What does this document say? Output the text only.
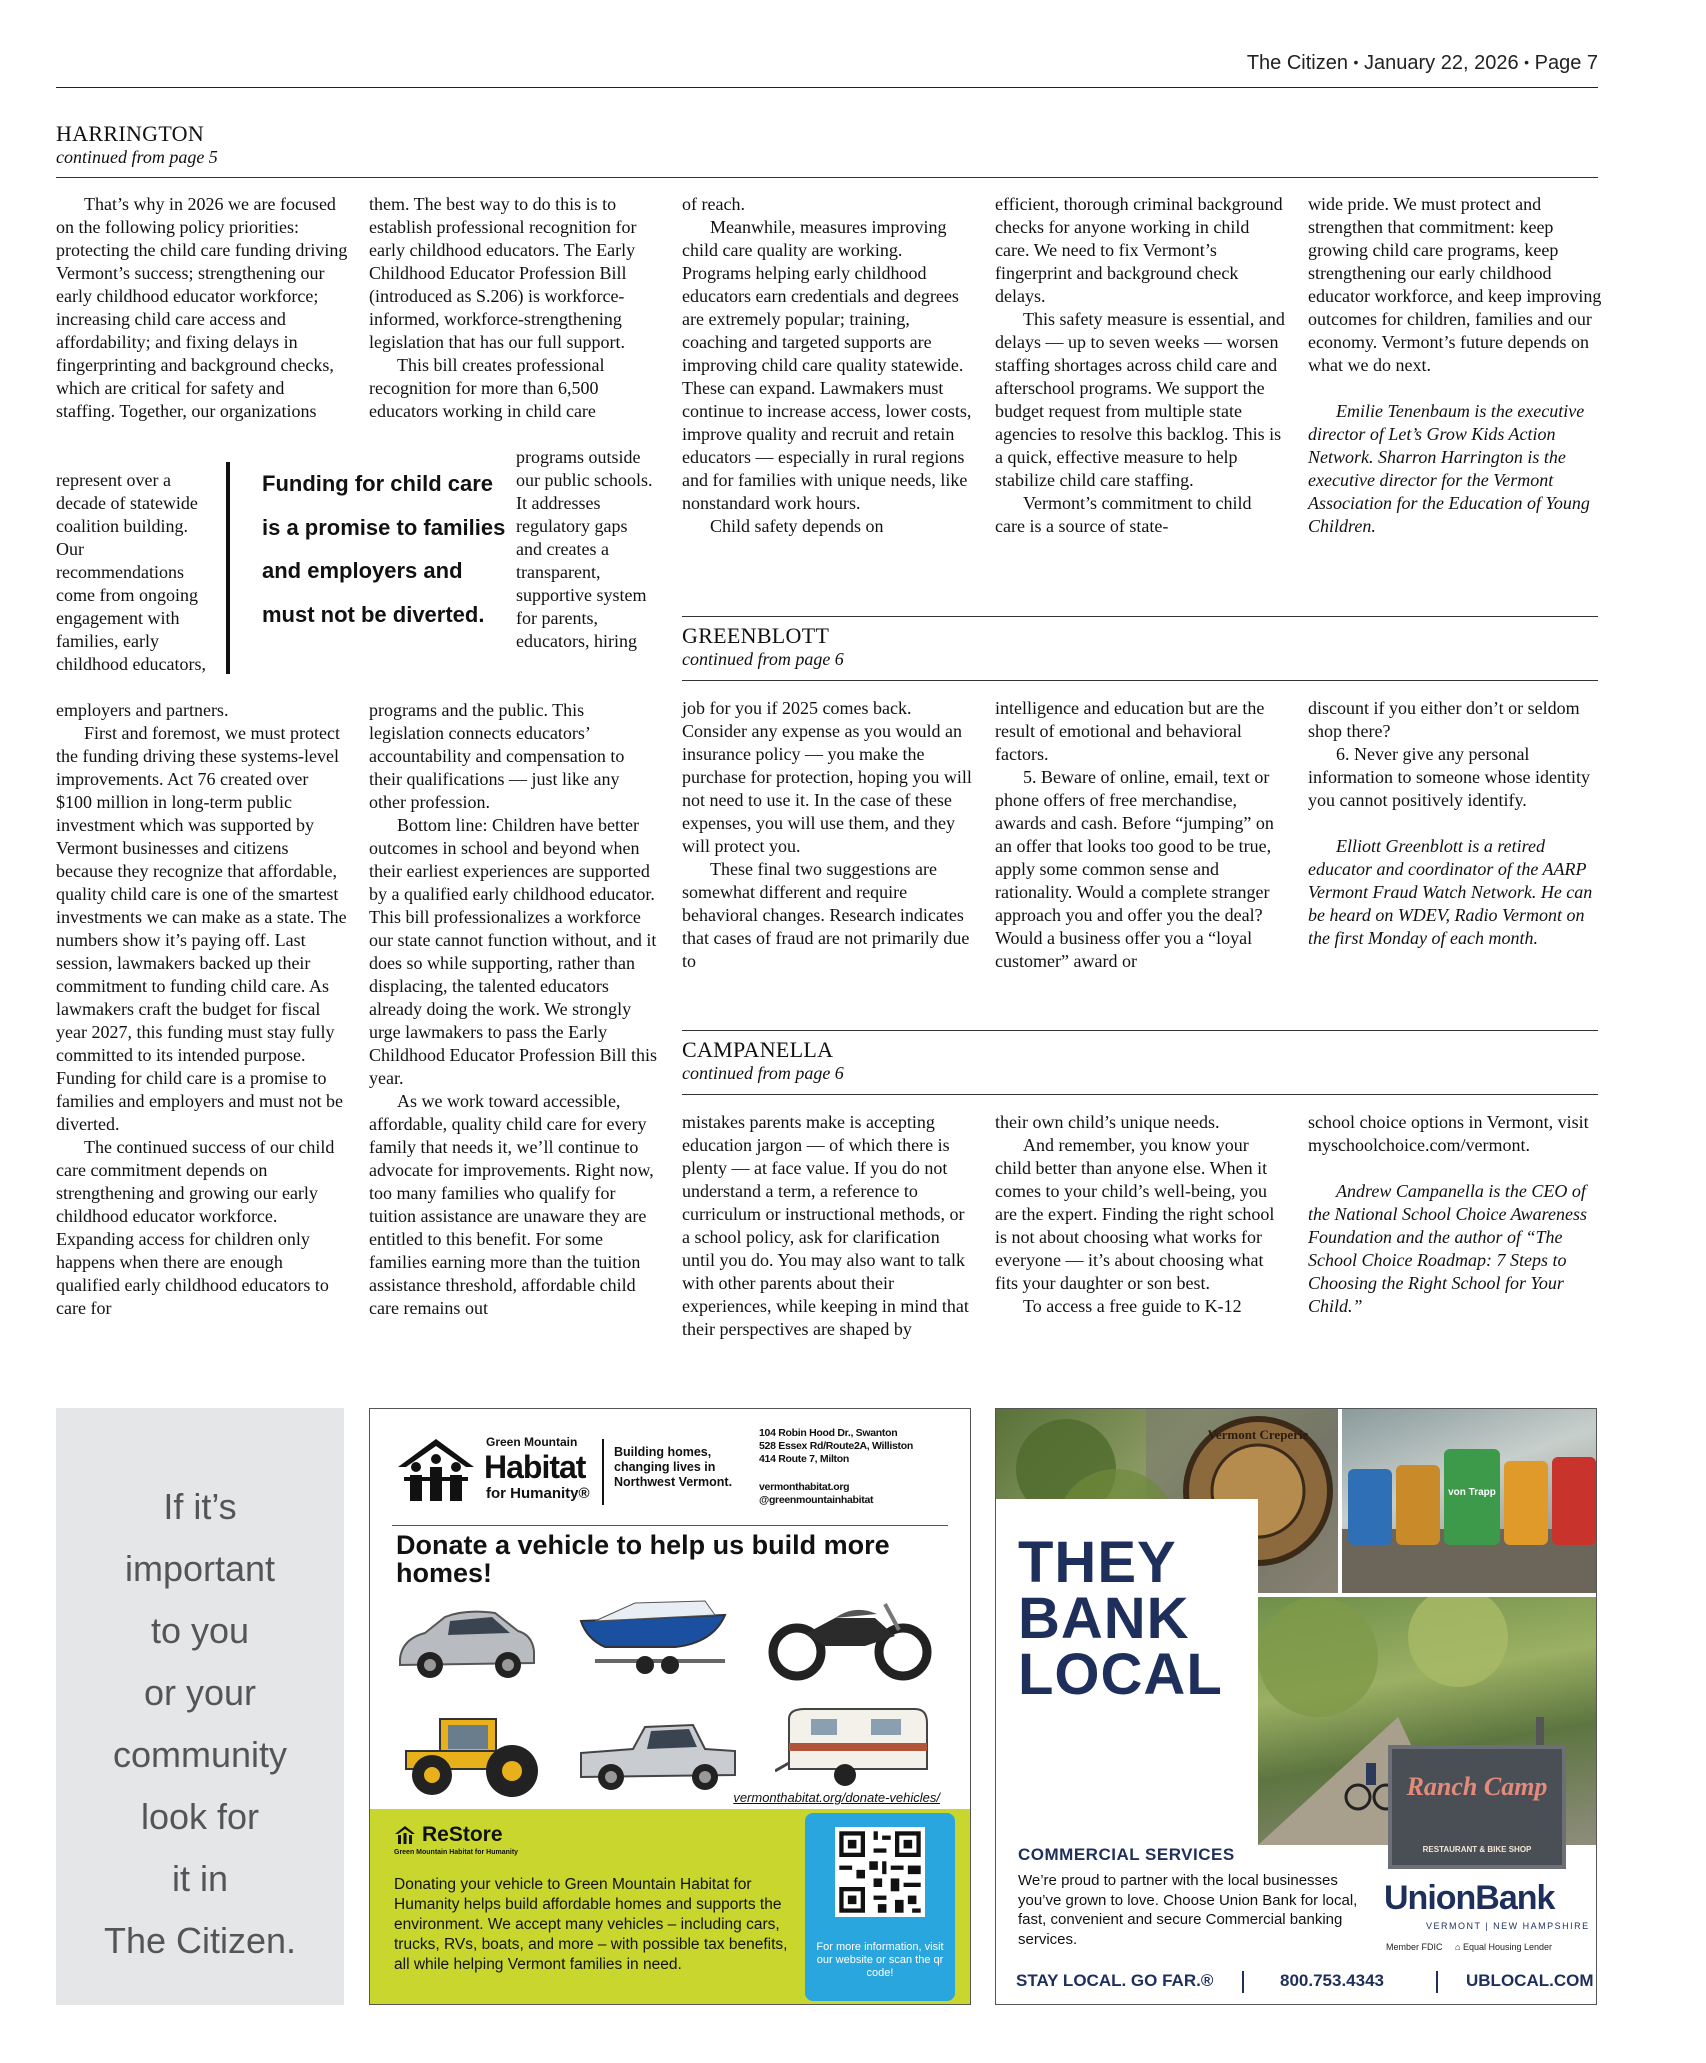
The Citizen • January 22, 2026 • Page 7
HARRINGTON
continued from page 5

That’s why in 2026 we are focused on the following policy priorities: protecting the child care funding driving Vermont’s success; strengthening our early childhood educator workforce; increasing child care access and affordability; and fixing delays in fingerprinting and background checks, which are critical for safety and staffing. Together, our organizations

represent over a decade of statewide coalition building. Our recommendations come from ongoing engagement with families, early childhood educators,

employers and partners.

First and foremost, we must protect the funding driving these systems-level improvements. Act 76 created over $100 million in long-term public investment which was supported by Vermont businesses and citizens because they recognize that affordable, quality child care is one of the smartest investments we can make as a state. The numbers show it’s paying off. Last session, lawmakers backed up their commitment to funding child care. As lawmakers craft the budget for fiscal year 2027, this funding must stay fully committed to its intended purpose. Funding for child care is a promise to families and employers and must not be diverted.

The continued success of our child care commitment depends on strengthening and growing our early childhood educator workforce. Expanding access for children only happens when there are enough qualified early childhood educators to care for

them. The best way to do this is to establish professional recognition for early childhood educators. The Early Childhood Educator Profession Bill (introduced as S.206) is workforce-informed, workforce-strengthening legislation that has our full support.

This bill creates professional recognition for more than 6,500 educators working in child care

programs outside our public schools. It addresses regulatory gaps and creates a transparent, supportive system for parents, educators, hiring

programs and the public. This legislation connects educators’ accountability and compensation to their qualifications — just like any other profession.

Bottom line: Children have better outcomes in school and beyond when their earliest experiences are supported by a qualified early childhood educator. This bill professionalizes a workforce our state cannot function without, and it does so while supporting, rather than displacing, the talented educators already doing the work. We strongly urge lawmakers to pass the Early Childhood Educator Profession Bill this year.

As we work toward accessible, affordable, quality child care for every family that needs it, we’ll continue to advocate for improvements. Right now, too many families who qualify for tuition assistance are unaware they are entitled to this benefit. For some families earning more than the tuition assistance threshold, affordable child care remains out

Funding for child care is a promise to families and employers and must not be diverted.

of reach.

Meanwhile, measures improving child care quality are working. Programs helping early childhood educators earn credentials and degrees are extremely popular; training, coaching and targeted supports are improving child care quality statewide. These can expand. Lawmakers must continue to increase access, lower costs, improve quality and recruit and retain educators — especially in rural regions and for families with unique needs, like nonstandard work hours.

Child safety depends on

efficient, thorough criminal background checks for anyone working in child care. We need to fix Vermont’s fingerprint and background check delays.

This safety measure is essential, and delays — up to seven weeks — worsen staffing shortages across child care and afterschool programs. We support the budget request from multiple state agencies to resolve this backlog. This is a quick, effective measure to help stabilize child care staffing.

Vermont’s commitment to child care is a source of state-

wide pride. We must protect and strengthen that commitment: keep growing child care programs, keep strengthening our early childhood educator workforce, and keep improving outcomes for children, families and our economy. Vermont’s future depends on what we do next.

Emilie Tenenbaum is the executive director of Let’s Grow Kids Action Network. Sharron Harrington is the executive director for the Vermont Association for the Education of Young Children.

GREENBLOTT
continued from page 6

job for you if 2025 comes back. Consider any expense as you would an insurance policy — you make the purchase for protection, hoping you will not need to use it. In the case of these expenses, you will use them, and they will protect you.

These final two suggestions are somewhat different and require behavioral changes. Research indicates that cases of fraud are not primarily due to

intelligence and education but are the result of emotional and behavioral factors.

5. Beware of online, email, text or phone offers of free merchandise, awards and cash. Before “jumping” on an offer that looks too good to be true, apply some common sense and rationality. Would a complete stranger approach you and offer you the deal? Would a business offer you a “loyal customer” award or

discount if you either don’t or seldom shop there?

6. Never give any personal information to someone whose identity you cannot positively identify.

Elliott Greenblott is a retired educator and coordinator of the AARP Vermont Fraud Watch Network. He can be heard on WDEV, Radio Vermont on the first Monday of each month.

CAMPANELLA
continued from page 6

mistakes parents make is accepting education jargon — of which there is plenty — at face value. If you do not understand a term, a reference to curriculum or instructional methods, or a school policy, ask for clarification until you do. You may also want to talk with other parents about their experiences, while keeping in mind that their perspectives are shaped by

their own child’s unique needs.

And remember, you know your child better than anyone else. When it comes to your child’s well-being, you are the expert. Finding the right school is not about choosing what works for everyone — it’s about choosing what fits your daughter or son best.

To access a free guide to K-12

school choice options in Vermont, visit myschoolchoice.com/vermont.

Andrew Campanella is the CEO of the National School Choice Awareness Foundation and the author of “The School Choice Roadmap: 7 Steps to Choosing the Right School for Your Child.”

If it’s
important
to you
or your
community
look for
it in
The Citizen.
Green Mountain
Habitat
for Humanity®
Building homes, changing lives in Northwest Vermont.
104 Robin Hood Dr., Swanton
528 Essex Rd/Route2A, Williston
414 Route 7, Milton
vermonthabitat.org
@greenmountainhabitat
Donate a vehicle to help us build more homes!
vermonthabitat.org/donate-vehicles/
ReStore
Green Mountain Habitat for Humanity
Donating your vehicle to Green Mountain Habitat for Humanity helps build affordable homes and supports the environment. We accept many vehicles – including cars, trucks, RVs, boats, and more – with possible tax benefits, all while helping Vermont families in need.
For more information, visit our website or scan the qr code!
Vermont Creperie
von Trapp
Ranch Camp
RESTAURANT & BIKE SHOP
THEY
BANK
LOCAL
COMMERCIAL SERVICES
We’re proud to partner with the local businesses you’ve grown to love. Choose Union Bank for local, fast, convenient and secure Commercial banking services.
UnionBank
VERMONT | NEW HAMPSHIRE
Member FDIC ⌂ Equal Housing Lender
STAY LOCAL. GO FAR.®	800.753.4343	UBLOCAL.COM
